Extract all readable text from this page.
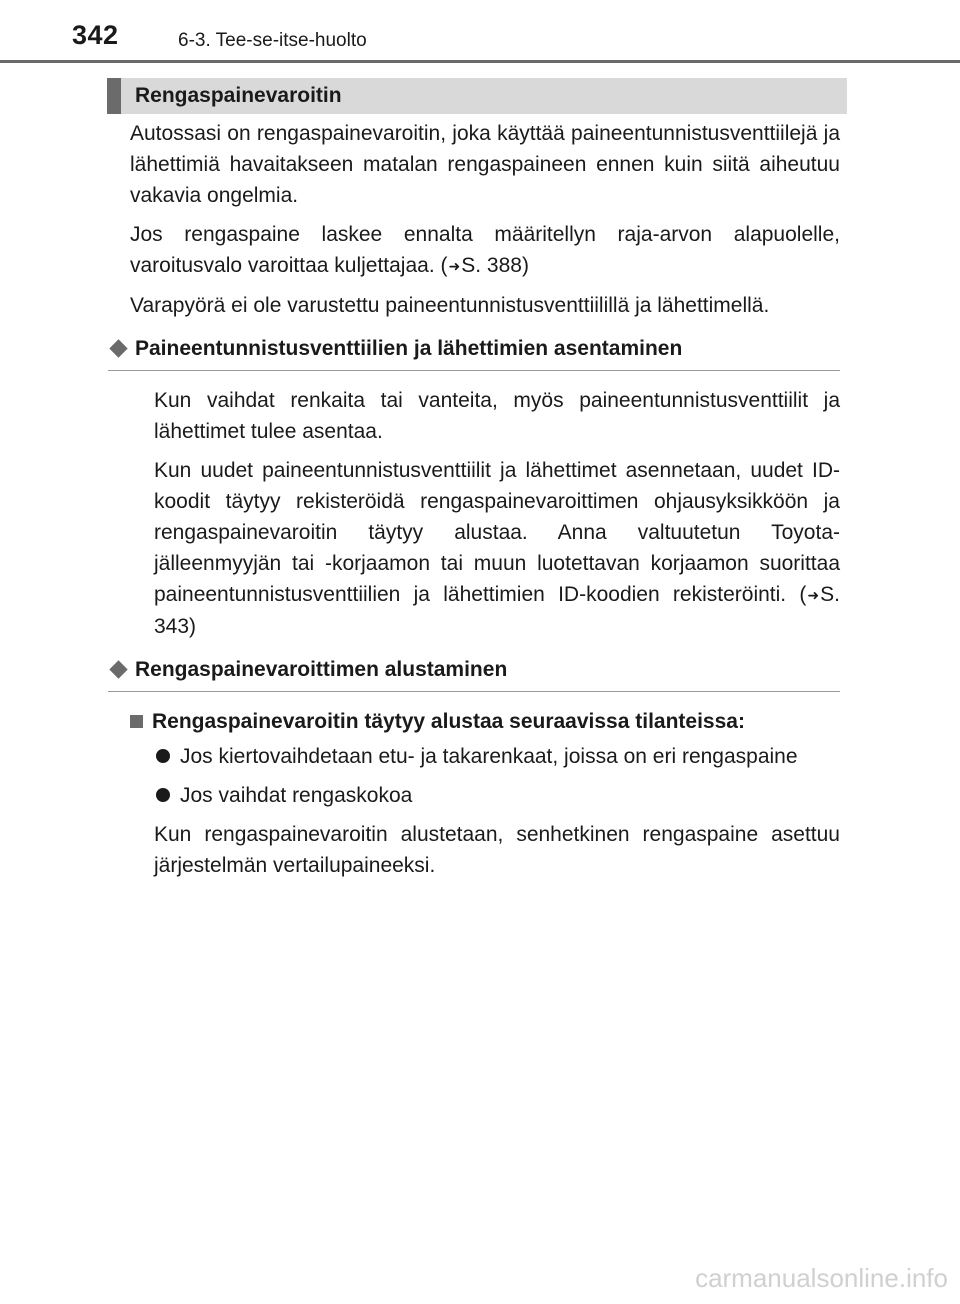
342	6-3. Tee-se-itse-huolto
Rengaspainevaroitin

Autossasi on rengaspainevaroitin, joka käyttää paineentunnistusventtiilejä ja lähettimiä havaitakseen matalan rengaspaineen ennen kuin siitä aiheutuu vakavia ongelmia.

Jos rengaspaine laskee ennalta määritellyn raja-arvon alapuolelle, varoitusvalo varoittaa kuljettajaa. (➜S. 388)

Varapyörä ei ole varustettu paineentunnistusventtiilillä ja lähettimellä.

Paineentunnistusventtiilien ja lähettimien asentaminen

Kun vaihdat renkaita tai vanteita, myös paineentunnistusventtiilit ja lähettimet tulee asentaa.

Kun uudet paineentunnistusventtiilit ja lähettimet asennetaan, uudet ID-koodit täytyy rekisteröidä rengaspainevaroittimen ohjausyksikköön ja rengaspainevaroitin täytyy alustaa. Anna valtuutetun Toyota-jälleenmyyjän tai -korjaamon tai muun luotettavan korjaamon suorittaa paineentunnistusventtiilien ja lähettimien ID-koodien rekisteröinti. (➜S. 343)

Rengaspainevaroittimen alustaminen
Rengaspainevaroitin täytyy alustaa seuraavissa tilanteissa:
Jos kiertovaihdetaan etu- ja takarenkaat, joissa on eri rengaspaine
Jos vaihdat rengaskokoa

Kun rengaspainevaroitin alustetaan, senhetkinen rengaspaine asettuu järjestelmän vertailupaineeksi.

carmanualsonline.info
